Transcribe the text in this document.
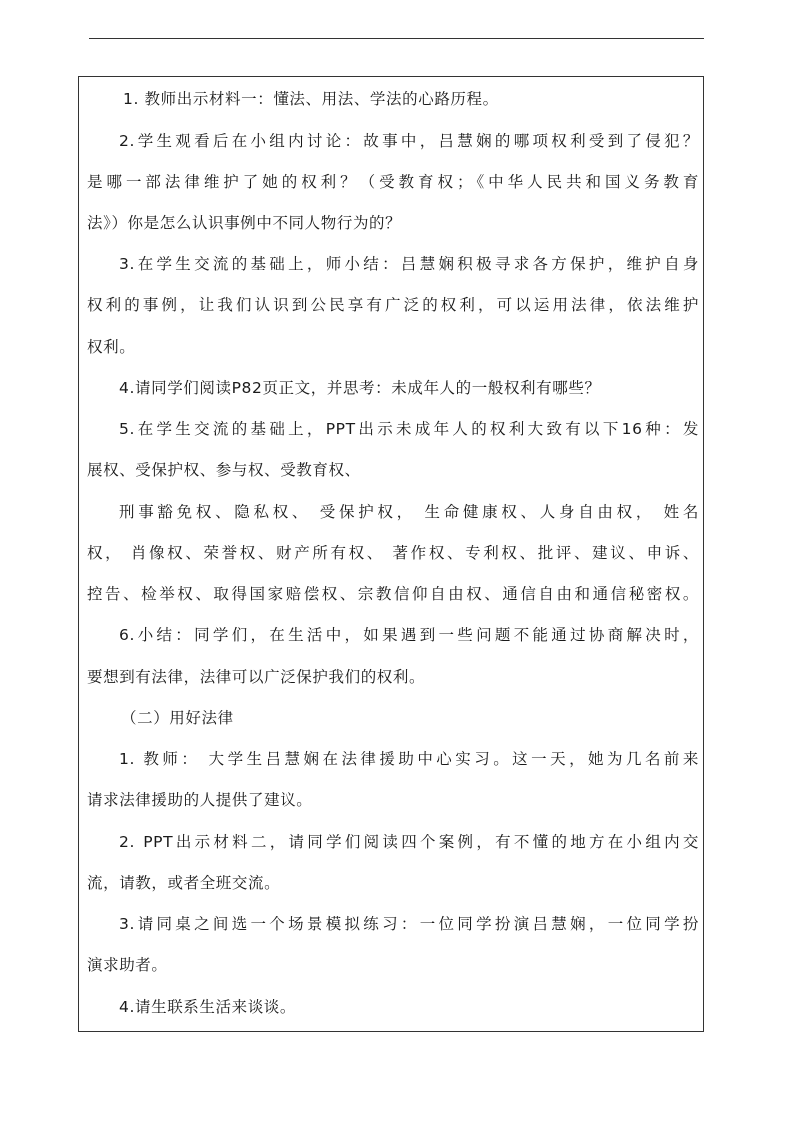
1. 教师出示材料一：懂法、用法、学法的心路历程。
2.学生观看后在小组内讨论：故事中，吕慧娴的哪项权利受到了侵犯？
是哪一部法律维护了她的权利？（受教育权；《中华人民共和国义务教育
法》）你是怎么认识事例中不同人物行为的？
3.在学生交流的基础上，师小结：吕慧娴积极寻求各方保护，维护自身
权利的事例，让我们认识到公民享有广泛的权利，可以运用法律，依法维护
权利。
4.请同学们阅读P82页正文，并思考：未成年人的一般权利有哪些？
5.在学生交流的基础上，PPT出示未成年人的权利大致有以下16种：发
展权、受保护权、参与权、受教育权、
刑事豁免权、隐私权、 受保护权， 生命健康权、人身自由权， 姓名
权， 肖像权、荣誉权、财产所有权、 著作权、专利权、批评、建议、申诉、
控告、检举权、取得国家赔偿权、宗教信仰自由权、通信自由和通信秘密权。
6.小结：同学们，在生活中，如果遇到一些问题不能通过协商解决时，
要想到有法律，法律可以广泛保护我们的权利。
（二）用好法律
1. 教师： 大学生吕慧娴在法律援助中心实习。这一天，她为几名前来
请求法律援助的人提供了建议。
2. PPT出示材料二，请同学们阅读四个案例，有不懂的地方在小组内交
流，请教，或者全班交流。
3.请同桌之间选一个场景模拟练习：一位同学扮演吕慧娴，一位同学扮
演求助者。
4.请生联系生活来谈谈。
